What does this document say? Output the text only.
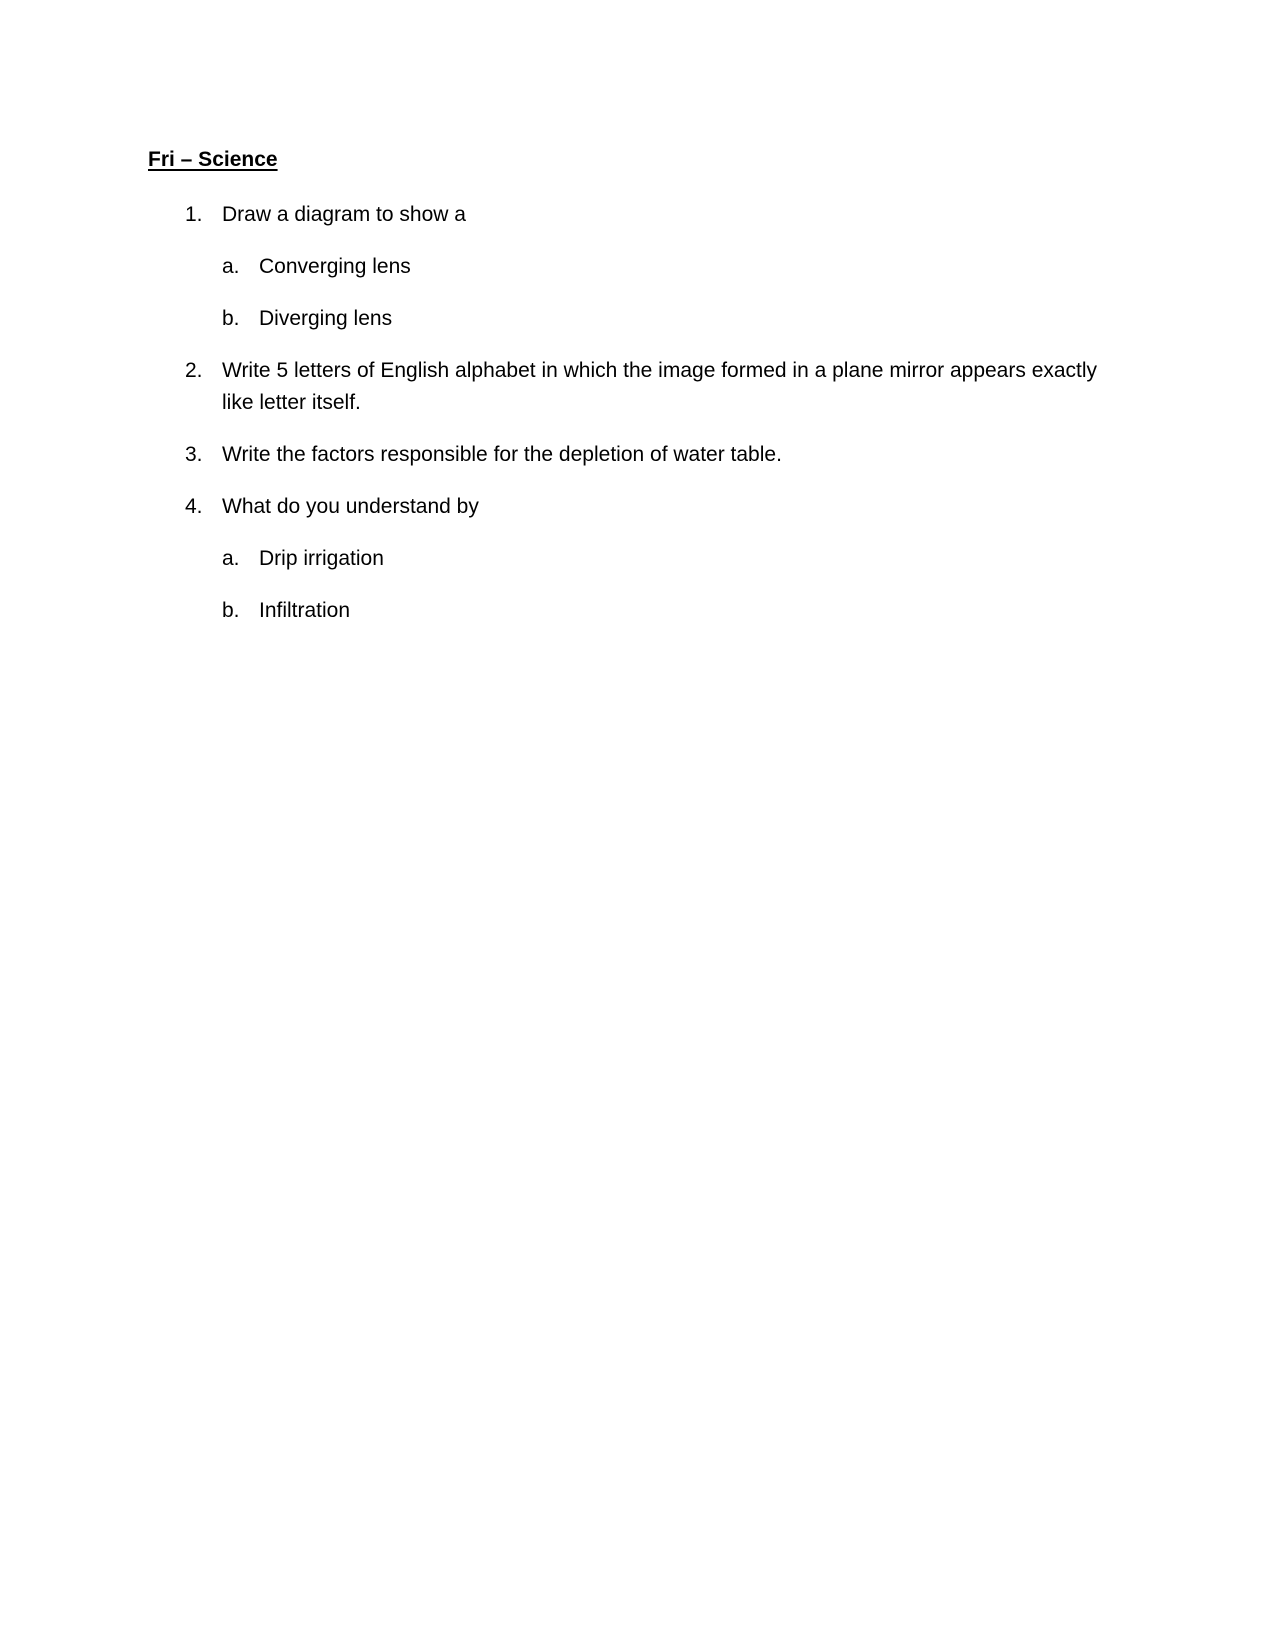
Fri – Science
1. Draw a diagram to show a
a. Converging lens
b. Diverging lens
2. Write 5 letters of English alphabet in which the image formed in a plane mirror appears exactly like letter itself.
3. Write the factors responsible for the depletion of water table.
4. What do you understand by
a. Drip irrigation
b. Infiltration
